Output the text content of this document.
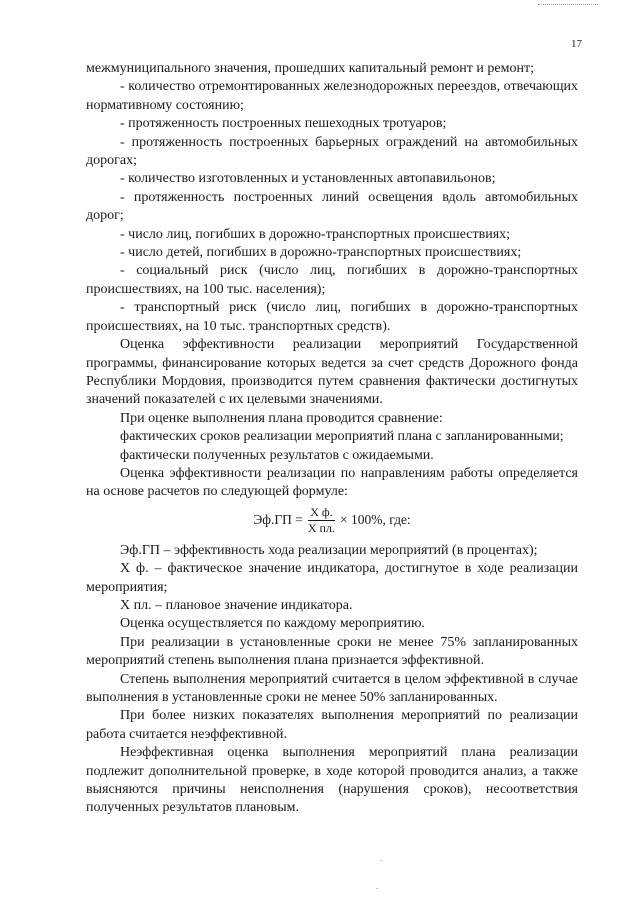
17

межмуниципального значения, прошедших капитальный ремонт и ремонт;

- количество отремонтированных железнодорожных переездов, отвечающих нормативному состоянию;

- протяженность построенных пешеходных тротуаров;

- протяженность построенных барьерных ограждений на автомобильных дорогах;

- количество изготовленных и установленных автопавильонов;

- протяженность построенных линий освещения вдоль автомобильных дорог;

- число лиц, погибших в дорожно-транспортных происшествиях;

- число детей, погибших в дорожно-транспортных происшествиях;

- социальный риск (число лиц, погибших в дорожно-транспортных происшествиях, на 100 тыс. населения);

- транспортный риск (число лиц, погибших в дорожно-транспортных происшествиях, на 10 тыс. транспортных средств).

Оценка эффективности реализации мероприятий Государственной программы, финансирование которых ведется за счет средств Дорожного фонда Республики Мордовия, производится путем сравнения фактически достигнутых значений показателей с их целевыми значениями.

При оценке выполнения плана проводится сравнение:

фактических сроков реализации мероприятий плана с запланированными;

фактически полученных результатов с ожидаемыми.

Оценка эффективности реализации по направлениям работы определяется на основе расчетов по следующей формуле:

$Эф.ГП = \frac{\text{Х ф.}}{\text{Х пл.}} \times 100\%$, где:

Эф.ГП – эффективность хода реализации мероприятий (в процентах);

Х ф. – фактическое значение индикатора, достигнутое в ходе реализации мероприятия;

Х пл. – плановое значение индикатора.

Оценка осуществляется по каждому мероприятию.

При реализации в установленные сроки не менее 75% запланированных мероприятий степень выполнения плана признается эффективной.

Степень выполнения мероприятий считается в целом эффективной в случае выполнения в установленные сроки не менее 50% запланированных.

При более низких показателях выполнения мероприятий по реализации работа считается неэффективной.

Неэффективная оценка выполнения мероприятий плана реализации подлежит дополнительной проверке, в ходе которой проводится анализ, а также выясняются причины неисполнения (нарушения сроков), несоответствия полученных результатов плановым.
